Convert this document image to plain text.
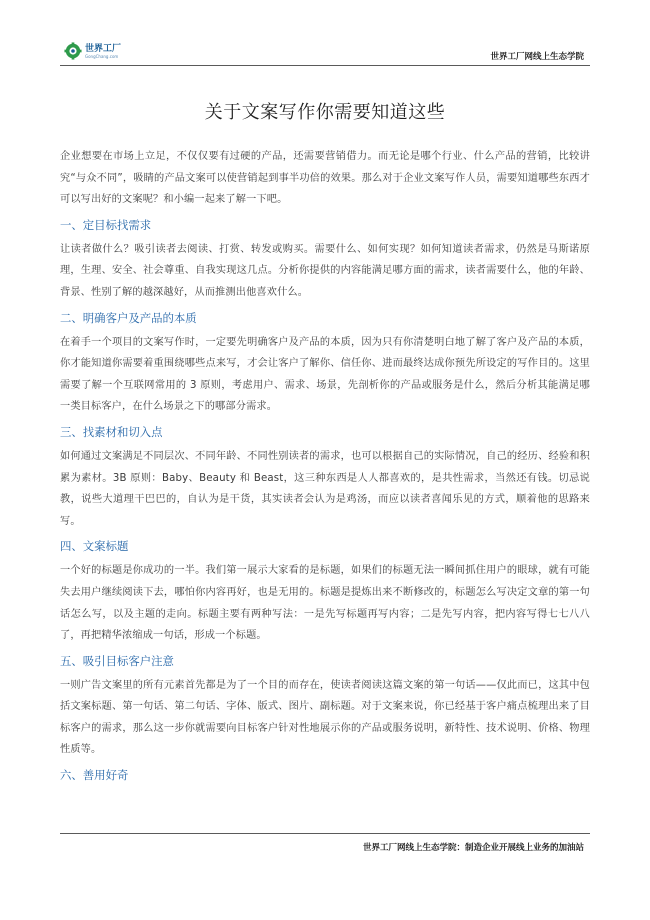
世界工厂
GongChang.com	世界工厂网线上生态学院
关于文案写作你需要知道这些

企业想要在市场上立足，不仅仅要有过硬的产品，还需要营销借力。而无论是哪个行业、什么产品的营销，比较讲究“与众不同”，吸睛的产品文案可以使营销起到事半功倍的效果。那么对于企业文案写作人员，需要知道哪些东西才可以写出好的文案呢？和小编一起来了解一下吧。

一、定目标找需求

让读者做什么？吸引读者去阅读、打赏、转发或购买。需要什么、如何实现？如何知道读者需求，仍然是马斯诺原理，生理、安全、社会尊重、自我实现这几点。分析你提供的内容能满足哪方面的需求，读者需要什么，他的年龄、背景、性别了解的越深越好，从而推测出他喜欢什么。

二、明确客户及产品的本质

在着手一个项目的文案写作时，一定要先明确客户及产品的本质，因为只有你清楚明白地了解了客户及产品的本质，你才能知道你需要着重围绕哪些点来写，才会让客户了解你、信任你、进而最终达成你预先所设定的写作目的。这里需要了解一个互联网常用的 3 原则，考虑用户、需求、场景，先剖析你的产品或服务是什么，然后分析其能满足哪一类目标客户，在什么场景之下的哪部分需求。

三、找素材和切入点

如何通过文案满足不同层次、不同年龄、不同性别读者的需求，也可以根据自己的实际情况，自己的经历、经验和积累为素材。3B 原则：Baby、Beauty 和 Beast，这三种东西是人人都喜欢的，是共性需求，当然还有钱。切忌说教，说些大道理干巴巴的，自认为是干货，其实读者会认为是鸡汤，而应以读者喜闻乐见的方式，顺着他的思路来写。

四、文案标题

一个好的标题是你成功的一半。我们第一展示大家看的是标题，如果们的标题无法一瞬间抓住用户的眼球，就有可能失去用户继续阅读下去，哪怕你内容再好，也是无用的。标题是提炼出来不断修改的，标题怎么写决定文章的第一句话怎么写，以及主题的走向。标题主要有两种写法：一是先写标题再写内容；二是先写内容，把内容写得七七八八了，再把精华浓缩成一句话，形成一个标题。

五、吸引目标客户注意

一则广告文案里的所有元素首先都是为了一个目的而存在，使读者阅读这篇文案的第一句话——仅此而已，这其中包括文案标题、第一句话、第二句话、字体、版式、图片、副标题。对于文案来说，你已经基于客户痛点梳理出来了目标客户的需求，那么这一步你就需要向目标客户针对性地展示你的产品或服务说明，新特性、技术说明、价格、物理性质等。

六、善用好奇
世界工厂网线上生态学院：制造企业开展线上业务的加油站
